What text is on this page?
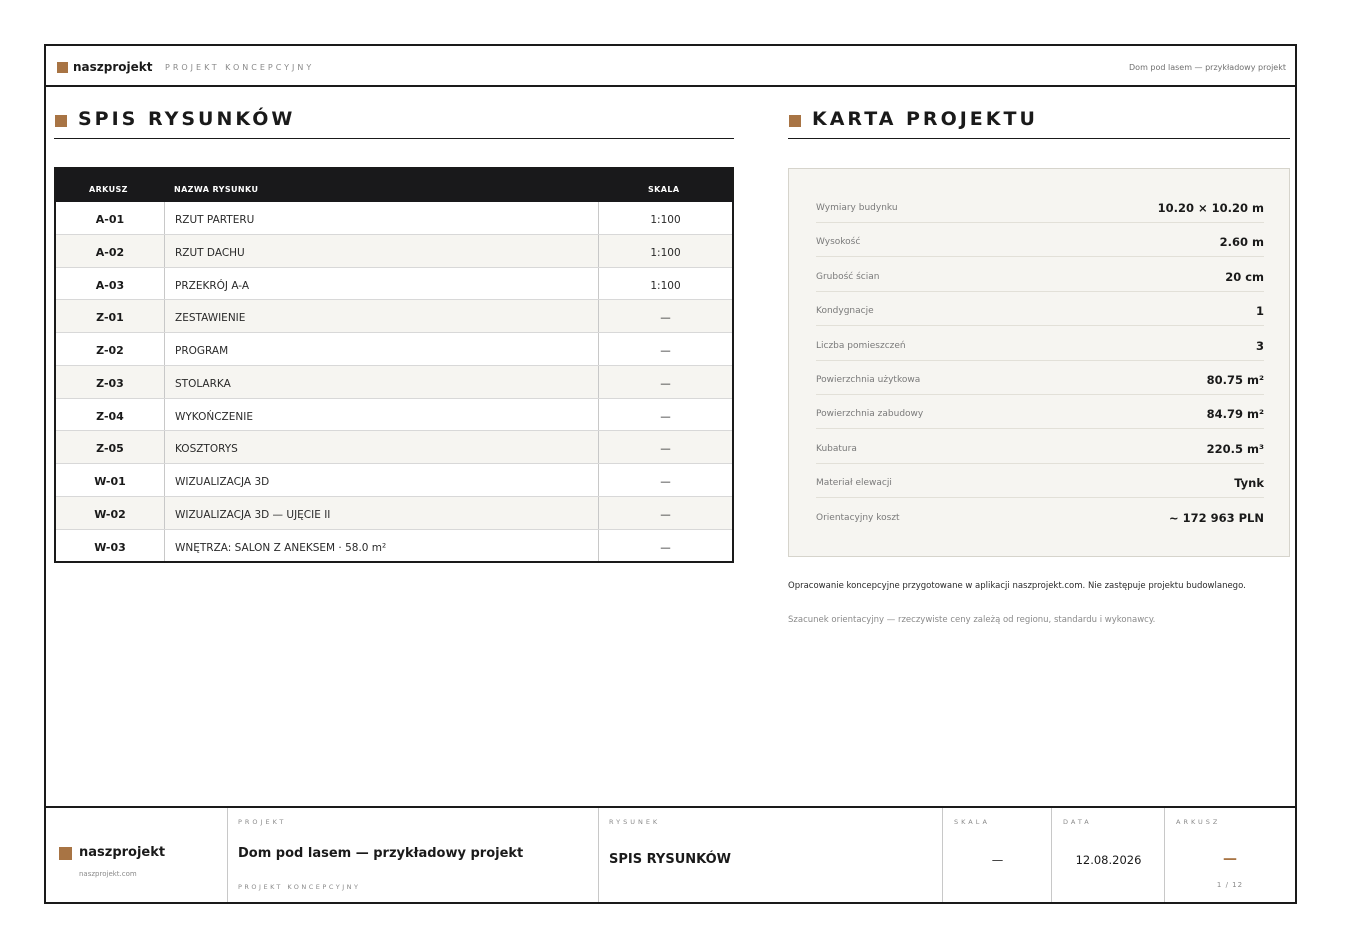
naszprojekt PROJEKT KONCEPCYJNY	Dom pod lasem — przykładowy projekt
SPIS RYSUNKÓW	KARTA PROJEKTU
ARKUSZ	NAZWA RYSUNKU	SKALA
A-01	RZUT PARTERU	1:100
A-02	RZUT DACHU	1:100
A-03	PRZEKRÓJ A-A	1:100
Z-01	ZESTAWIENIE	—
Z-02	PROGRAM	—
Z-03	STOLARKA	—
Z-04	WYKOŃCZENIE	—
Z-05	KOSZTORYS	—
W-01	WIZUALIZACJA 3D	—
W-02	WIZUALIZACJA 3D — UJĘCIE II	—
W-03	WNĘTRZA: SALON Z ANEKSEM · 58.0 m²	—
Wymiary budynku	10.20 × 10.20 m
Wysokość	2.60 m
Grubość ścian	20 cm
Kondygnacje	1
Liczba pomieszczeń	3
Powierzchnia użytkowa	80.75 m²
Powierzchnia zabudowy	84.79 m²
Kubatura	220.5 m³
Materiał elewacji	Tynk
Orientacyjny koszt	~ 172 963 PLN
Opracowanie koncepcyjne przygotowane w aplikacji naszprojekt.com. Nie zastępuje projektu budowlanego.
Szacunek orientacyjny — rzeczywiste ceny zależą od regionu, standardu i wykonawcy.
naszprojekt
naszprojekt.com
PROJEKT
Dom pod lasem — przykładowy projekt
PROJEKT KONCEPCYJNY
RYSUNEK
SPIS RYSUNKÓW
SKALA
—
DATA
12.08.2026
ARKUSZ
—
1 / 12
